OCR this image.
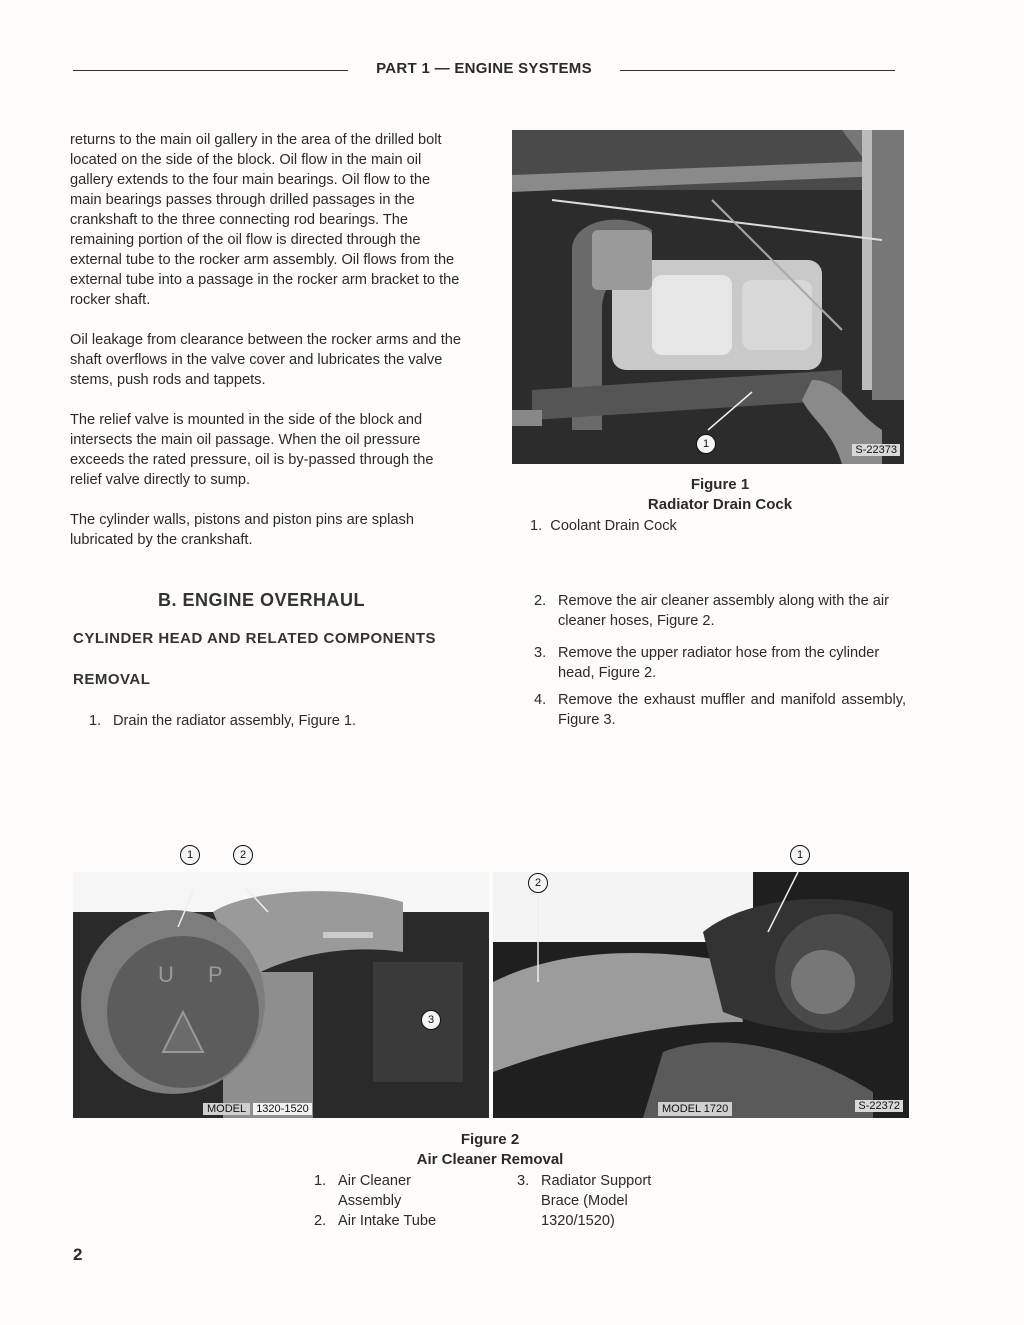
PART 1 — ENGINE SYSTEMS

returns to the main oil gallery in the area of the drilled bolt located on the side of the block. Oil flow in the main oil gallery extends to the four main bearings. Oil flow to the main bearings passes through drilled passages in the crankshaft to the three connecting rod bearings. The remaining portion of the oil flow is directed through the external tube to the rocker arm assembly. Oil flows from the external tube into a passage in the rocker arm bracket to the rocker shaft.

Oil leakage from clearance between the rocker arms and the shaft overflows in the valve cover and lubricates the valve stems, push rods and tappets.

The relief valve is mounted in the side of the block and intersects the main oil passage. When the oil pressure exceeds the rated pressure, oil is by-passed through the relief valve directly to sump.

The cylinder walls, pistons and piston pins are splash lubricated by the crankshaft.

1	S-22373
Figure 1
Radiator Drain Cock
1.  Coolant Drain Cock
B. ENGINE OVERHAUL
CYLINDER HEAD AND RELATED COMPONENTS
REMOVAL
1. Drain the radiator assembly, Figure 1.
2. Remove the air cleaner assembly along with the air cleaner hoses, Figure 2.
3. Remove the upper radiator hose from the cylinder head, Figure 2.
4. Remove the exhaust muffler and manifold assembly, Figure 3.
U P
1	2
3
MODEL 1320-1520
2
1
MODEL 1720	S-22372
Figure 2
Air Cleaner Removal
1. Air Cleaner
Assembly
2. Air Intake Tube
3. Radiator Support
Brace (Model
1320/1520)
2
